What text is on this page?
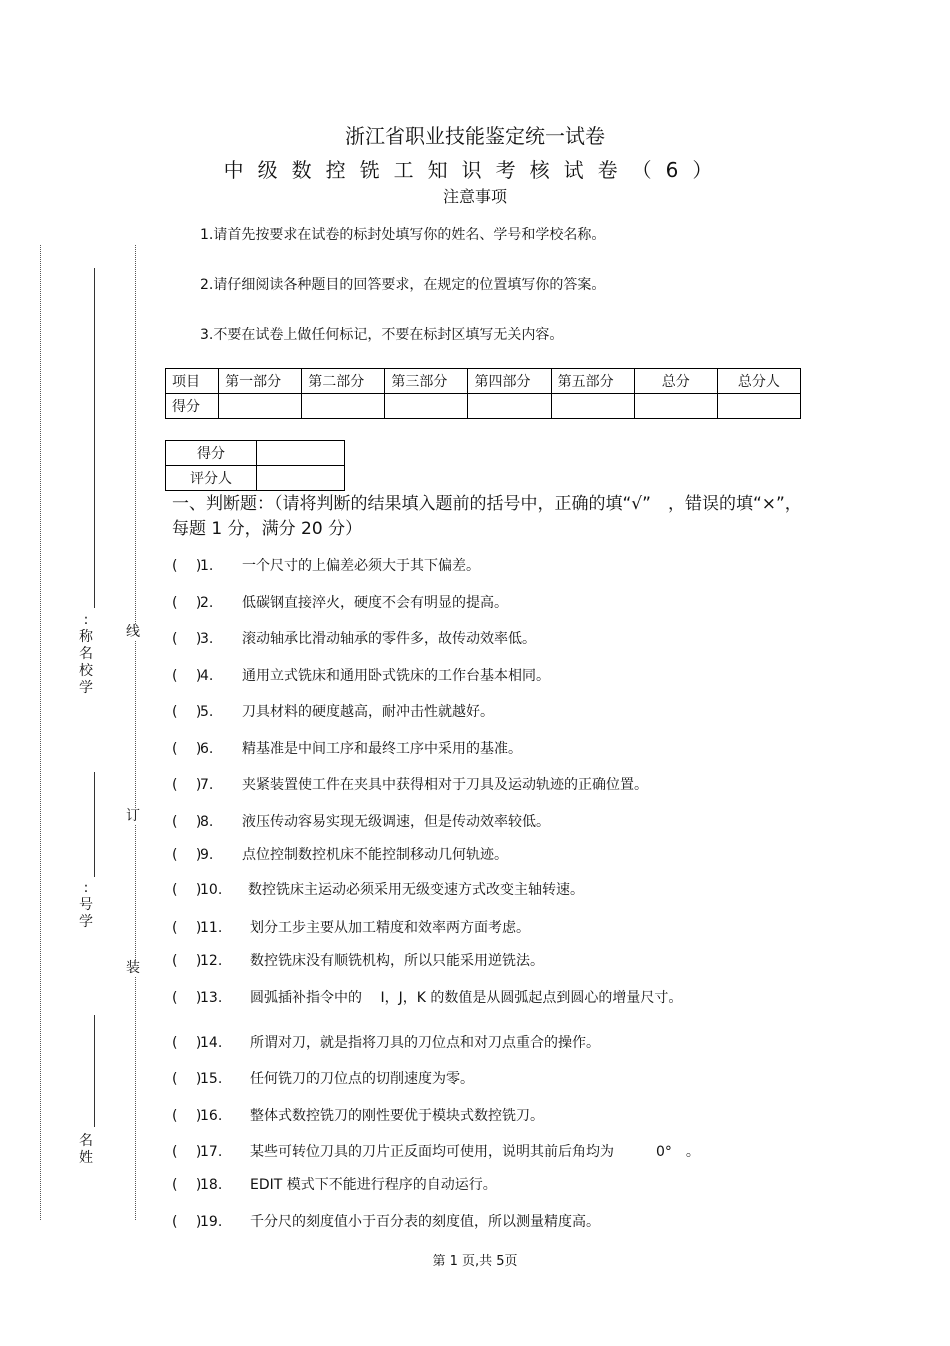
浙江省职业技能鉴定统一试卷
中级数控铣工知识考核试卷（6）
注意事项
1.请首先按要求在试卷的标封处填写你的姓名、学号和学校名称。
2.请仔细阅读各种题目的回答要求，在规定的位置填写你的答案。
3.不要在试卷上做任何标记，不要在标封区填写无关内容。
项目	第一部分	第二部分	第三部分	第四部分	第五部分	总分	总分人
得分							
得分	
评分人	
一、判断题：（请将判断的结果填入题前的括号中，正确的填“√”　，错误的填“×”，每题 1 分，满分 20 分）
(　 )1. 一个尺寸的上偏差必须大于其下偏差。
(　 )2. 低碳钢直接淬火，硬度不会有明显的提高。
(　 )3. 滚动轴承比滑动轴承的零件多，故传动效率低。
(　 )4. 通用立式铣床和通用卧式铣床的工作台基本相同。
(　 )5. 刀具材料的硬度越高，耐冲击性就越好。
(　 )6. 精基准是中间工序和最终工序中采用的基准。
(　 )7. 夹紧装置使工件在夹具中获得相对于刀具及运动轨迹的正确位置。
(　 )8. 液压传动容易实现无级调速，但是传动效率较低。
(　 )9. 点位控制数控机床不能控制移动几何轨迹。
(　 )10. 数控铣床主运动必须采用无级变速方式改变主轴转速。
(　 )11. 划分工步主要从加工精度和效率两方面考虑。
(　 )12. 数控铣床没有顺铣机构，所以只能采用逆铣法。
(　 )13. 圆弧插补指令中的　 I，J，K 的数值是从圆弧起点到圆心的增量尺寸。
(　 )14. 所谓对刀，就是指将刀具的刀位点和对刀点重合的操作。
(　 )15. 任何铣刀的刀位点的切削速度为零。
(　 )16. 整体式数控铣刀的刚性要优于模块式数控铣刀。
(　 )17. 某些可转位刀具的刀片正反面均可使用，说明其前后角均为　　　0°　。
(　 )18. EDIT 模式下不能进行程序的自动运行。
(　 )19. 千分尺的刻度值小于百分表的刻度值，所以测量精度高。
:称名校学
:号学
名姓
线
订
装
第 1 页,共 5页
